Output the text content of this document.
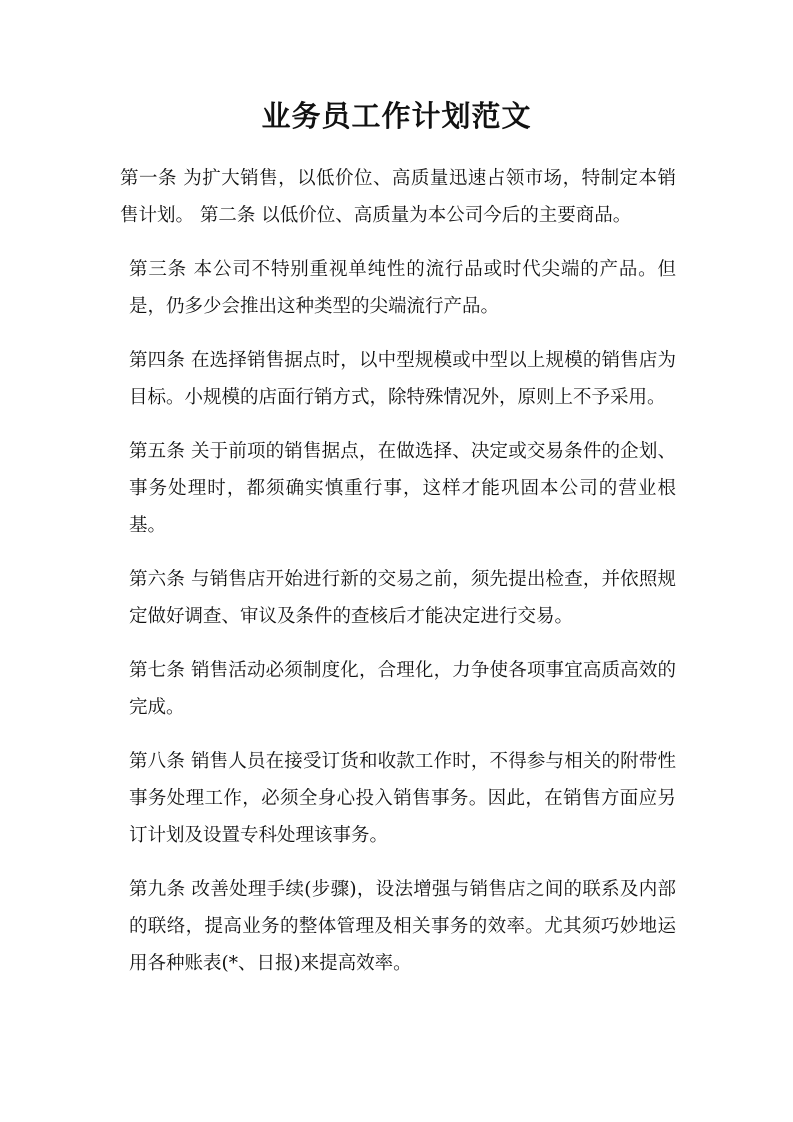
业务员工作计划范文

第一条 为扩大销售，以低价位、高质量迅速占领市场，特制定本销售计划。 第二条 以低价位、高质量为本公司今后的主要商品。

第三条 本公司不特别重视单纯性的流行品或时代尖端的产品。但是，仍多少会推出这种类型的尖端流行产品。

第四条 在选择销售据点时，以中型规模或中型以上规模的销售店为目标。小规模的店面行销方式，除特殊情况外，原则上不予采用。

第五条 关于前项的销售据点，在做选择、决定或交易条件的企划、事务处理时，都须确实慎重行事，这样才能巩固本公司的营业根基。

第六条 与销售店开始进行新的交易之前，须先提出检查，并依照规定做好调查、审议及条件的查核后才能决定进行交易。

第七条 销售活动必须制度化，合理化，力争使各项事宜高质高效的完成。

第八条 销售人员在接受订货和收款工作时，不得参与相关的附带性事务处理工作，必须全身心投入销售事务。因此，在销售方面应另订计划及设置专科处理该事务。

第九条 改善处理手续(步骤)，设法增强与销售店之间的联系及内部的联络，提高业务的整体管理及相关事务的效率。尤其须巧妙地运用各种账表(*、日报)来提高效率。
